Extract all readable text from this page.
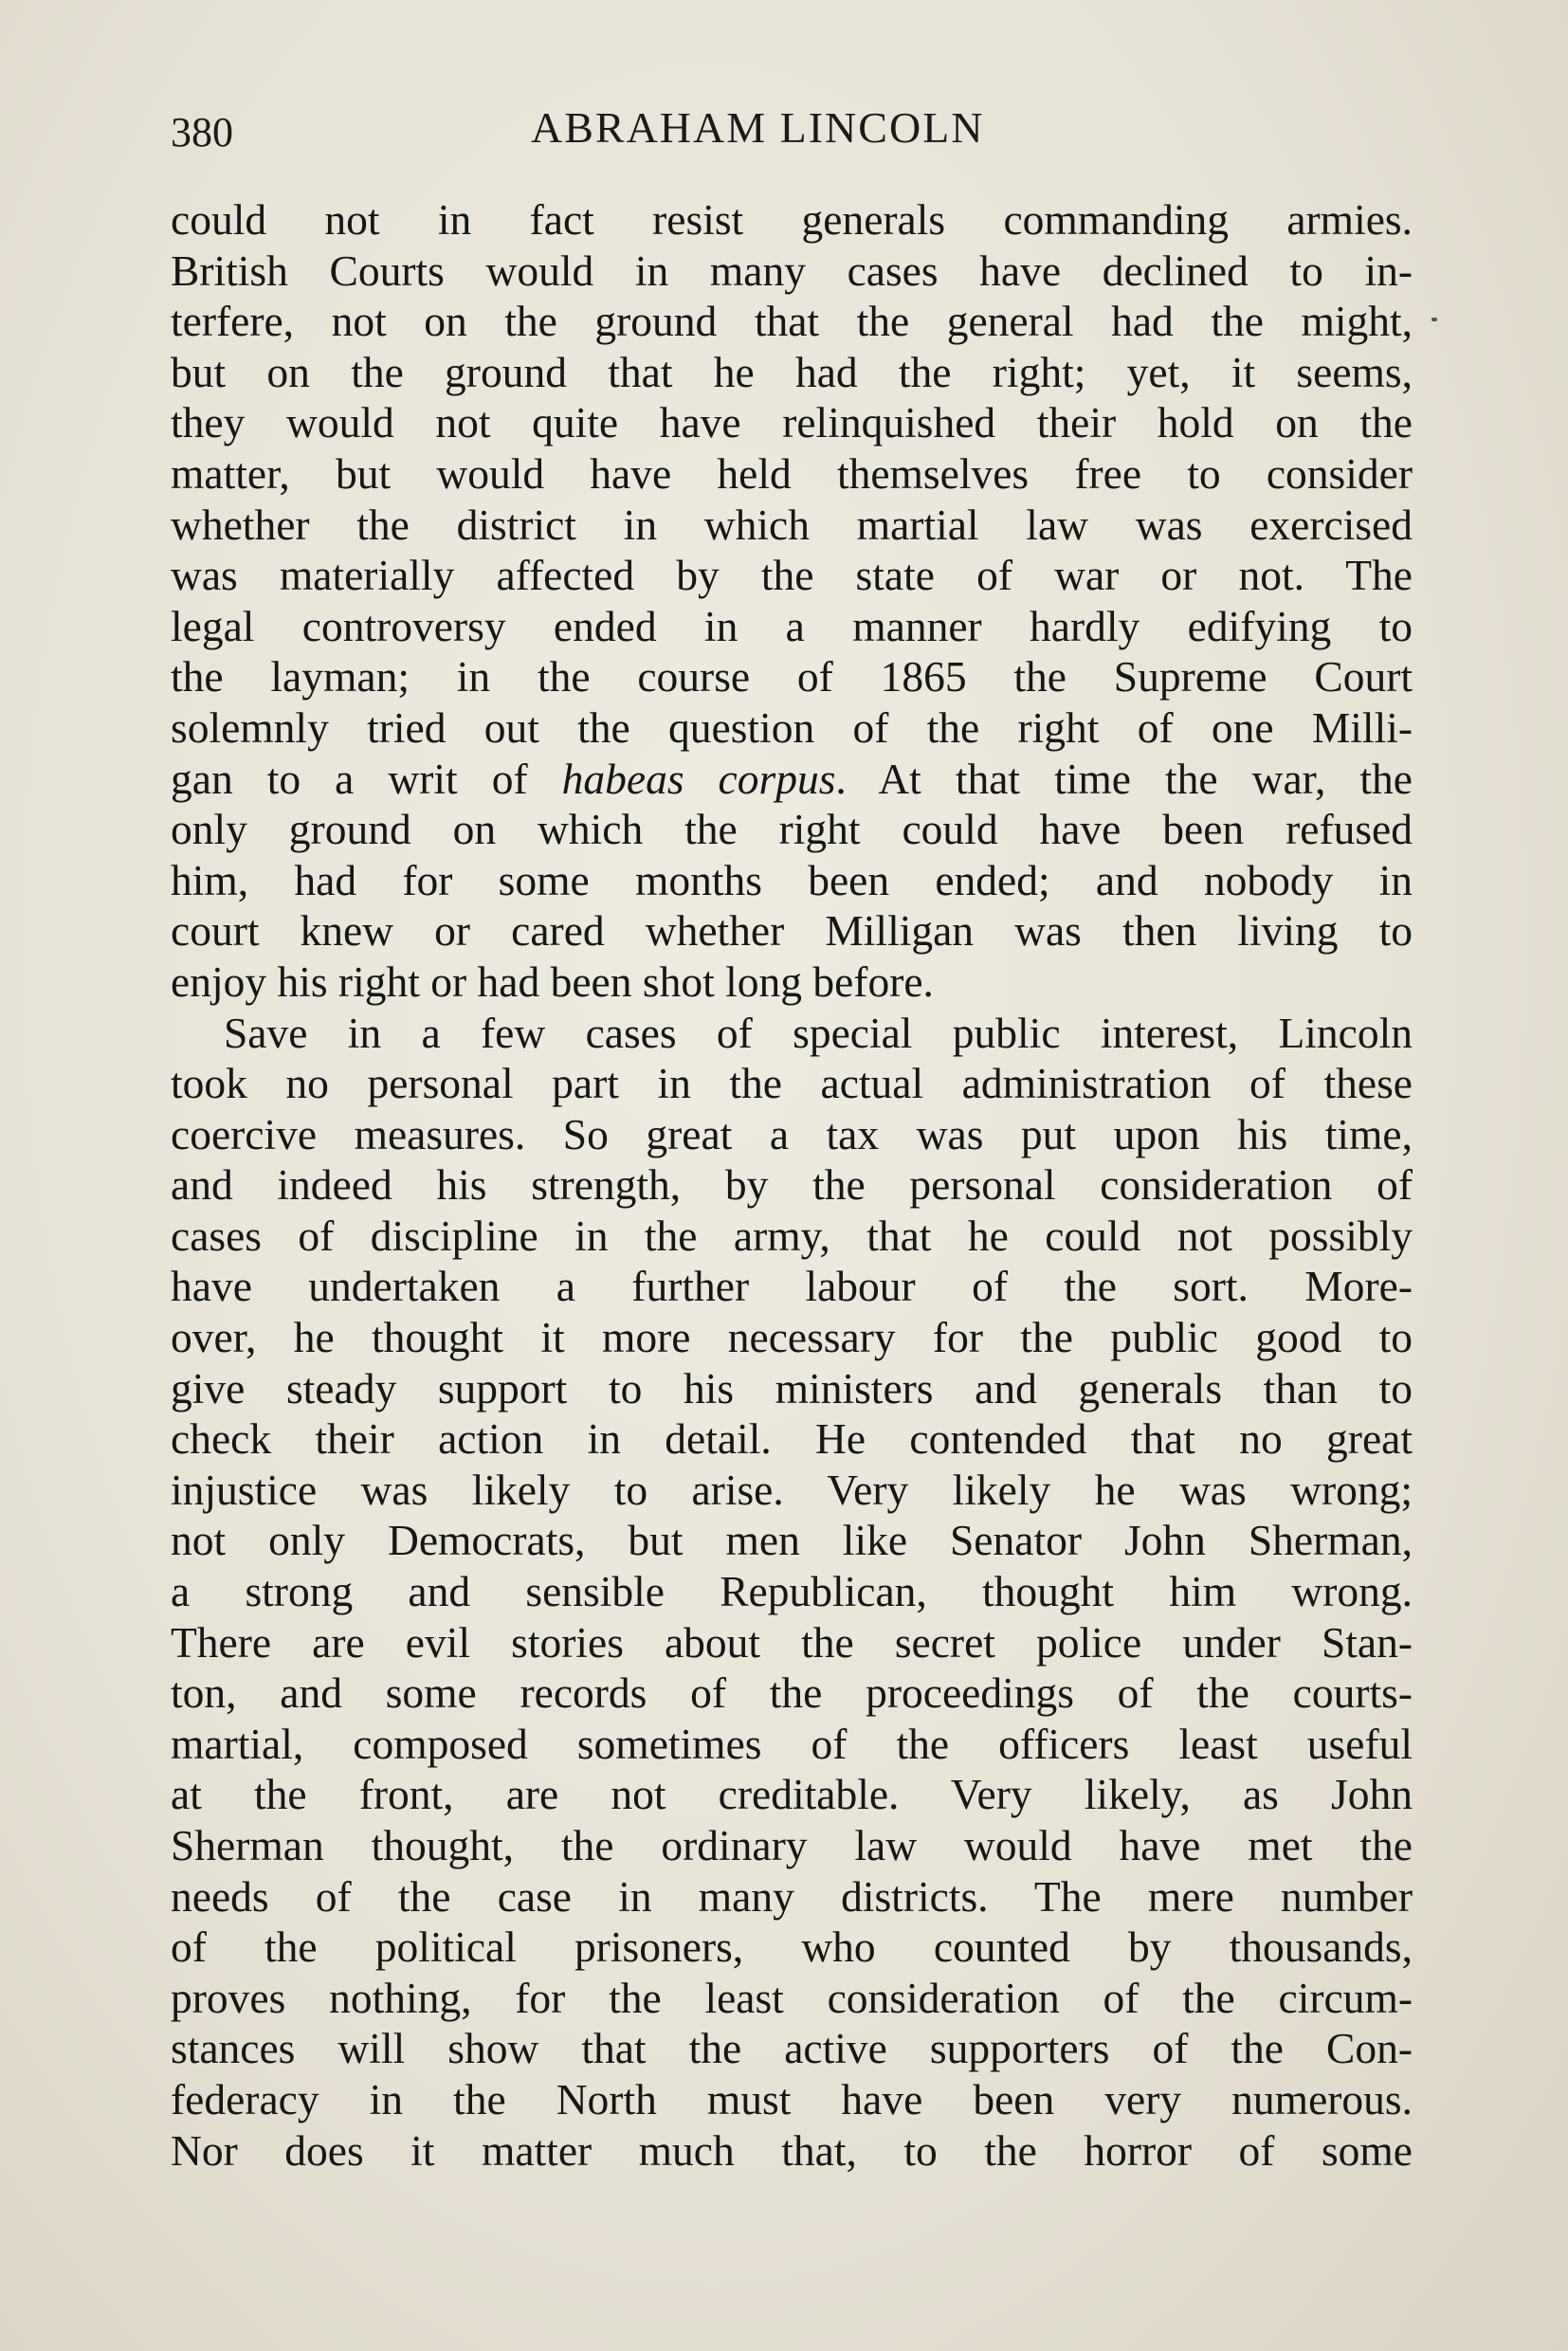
380	ABRAHAM LINCOLN
could not in fact resist generals commanding armies.
British Courts would in many cases have declined to in-
terfere, not on the ground that the general had the might,
but on the ground that he had the right; yet, it seems,
they would not quite have relinquished their hold on the
matter, but would have held themselves free to consider
whether the district in which martial law was exercised
was materially affected by the state of war or not. The
legal controversy ended in a manner hardly edifying to
the layman; in the course of 1865 the Supreme Court
solemnly tried out the question of the right of one Milli-
gan to a writ of habeas corpus. At that time the war, the
only ground on which the right could have been refused
him, had for some months been ended; and nobody in
court knew or cared whether Milligan was then living to
enjoy his right or had been shot long before.
Save in a few cases of special public interest, Lincoln
took no personal part in the actual administration of these
coercive measures. So great a tax was put upon his time,
and indeed his strength, by the personal consideration of
cases of discipline in the army, that he could not possibly
have undertaken a further labour of the sort. More-
over, he thought it more necessary for the public good to
give steady support to his ministers and generals than to
check their action in detail. He contended that no great
injustice was likely to arise. Very likely he was wrong;
not only Democrats, but men like Senator John Sherman,
a strong and sensible Republican, thought him wrong.
There are evil stories about the secret police under Stan-
ton, and some records of the proceedings of the courts-
martial, composed sometimes of the officers least useful
at the front, are not creditable. Very likely, as John
Sherman thought, the ordinary law would have met the
needs of the case in many districts. The mere number
of the political prisoners, who counted by thousands,
proves nothing, for the least consideration of the circum-
stances will show that the active supporters of the Con-
federacy in the North must have been very numerous.
Nor does it matter much that, to the horror of some
